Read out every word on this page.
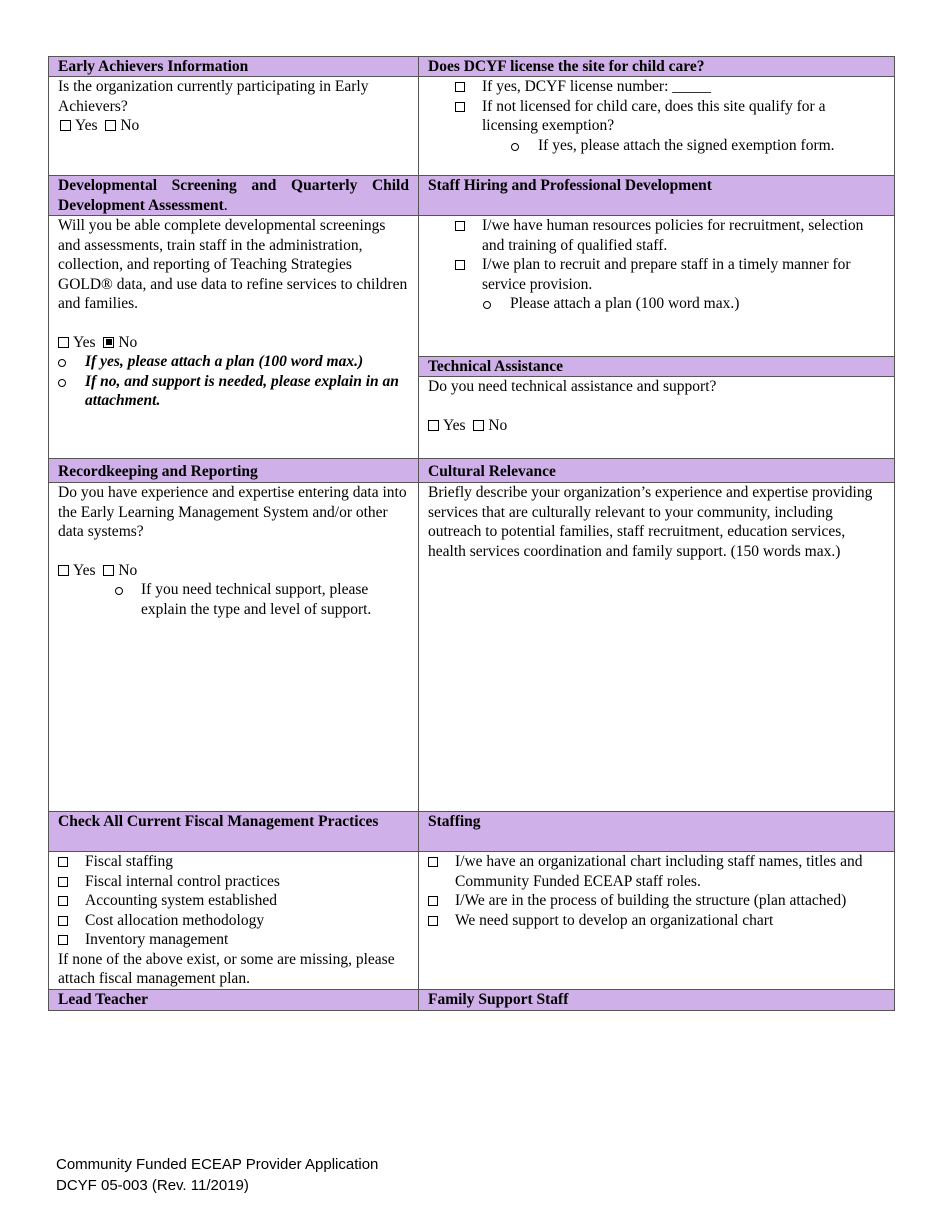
Early Achievers Information
Is the organization currently participating in Early Achievers?
Yes No
Developmental Screening and Quarterly Child Development Assessment.
Will you be able complete developmental screenings and assessments, train staff in the administration, collection, and reporting of Teaching Strategies GOLD® data, and use data to refine services to children and families.
Yes No
If yes, please attach a plan (100 word max.)
If no, and support is needed, please explain in an attachment.
Recordkeeping and Reporting
Do you have experience and expertise entering data into the Early Learning Management System and/or other data systems?
Yes No
If you need technical support, please explain the type and level of support.
Check All Current Fiscal Management Practices
Fiscal staffing
Fiscal internal control practices
Accounting system established
Cost allocation methodology
Inventory management
If none of the above exist, or some are missing, please attach fiscal management plan.
Lead Teacher
Does DCYF license the site for child care?
If yes, DCYF license number: _____
If not licensed for child care, does this site qualify for a licensing exemption?
If yes, please attach the signed exemption form.
Staff Hiring and Professional Development
I/we have human resources policies for recruitment, selection and training of qualified staff.
I/we plan to recruit and prepare staff in a timely manner for service provision.
Please attach a plan (100 word max.)
Technical Assistance
Do you need technical assistance and support?
Yes No
Cultural Relevance
Briefly describe your organization’s experience and expertise providing services that are culturally relevant to your community, including outreach to potential families, staff recruitment, education services, health services coordination and family support. (150 words max.)
Staffing
I/we have an organizational chart including staff names, titles and Community Funded ECEAP staff roles.
I/We are in the process of building the structure (plan attached)
We need support to develop an organizational chart
Family Support Staff
Community Funded ECEAP Provider Application
DCYF 05-003 (Rev. 11/2019)
